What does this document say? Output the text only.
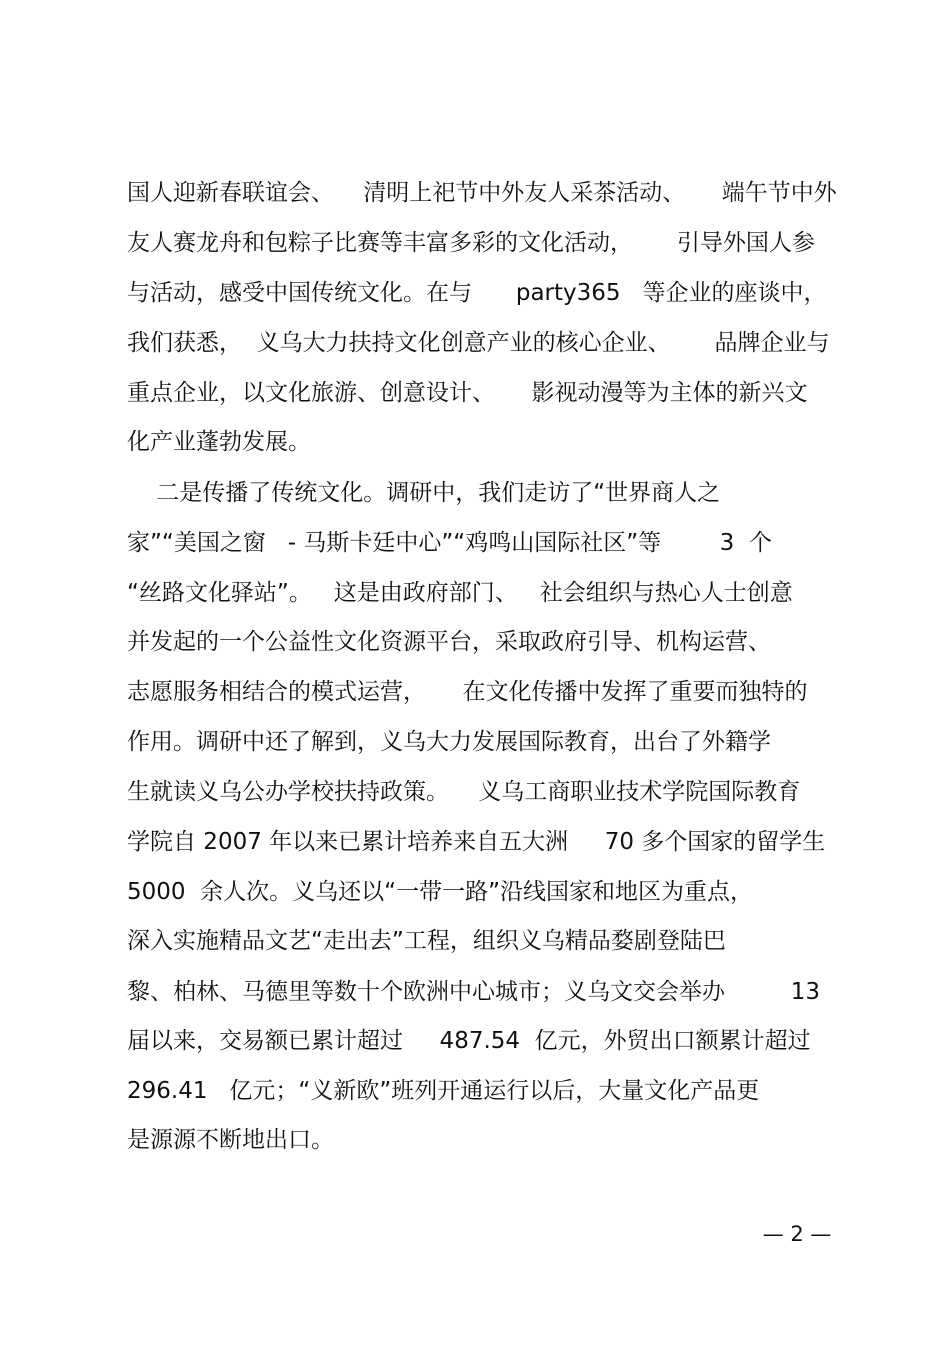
国人迎新春联谊会、    清明上祀节中外友人采茶活动、     端午节中外
友人赛龙舟和包粽子比赛等丰富多彩的文化活动，      引导外国人参
与活动，感受中国传统文化。在与      party365   等企业的座谈中，
我们获悉，  义乌大力扶持文化创意产业的核心企业、      品牌企业与
重点企业，以文化旅游、创意设计、     影视动漫等为主体的新兴文
化产业蓬勃发展。
二是传播了传统文化。调研中，我们走访了“世界商人之
家”“美国之窗   - 马斯卡廷中心”“鸡鸣山国际社区”等        3  个
“丝路文化驿站”。   这是由政府部门、   社会组织与热心人士创意
并发起的一个公益性文化资源平台，采取政府引导、机构运营、
志愿服务相结合的模式运营，     在文化传播中发挥了重要而独特的
作用。调研中还了解到，义乌大力发展国际教育，出台了外籍学
生就读义乌公办学校扶持政策。    义乌工商职业技术学院国际教育
学院自 2007 年以来已累计培养来自五大洲     70 多个国家的留学生
5000  余人次。义乌还以“一带一路”沿线国家和地区为重点，
深入实施精品文艺“走出去”工程，组织义乌精品婺剧登陆巴
黎、柏林、马德里等数十个欧洲中心城市；义乌文交会举办         13
届以来，交易额已累计超过     487.54  亿元，外贸出口额累计超过
296.41   亿元；“义新欧”班列开通运行以后，大量文化产品更
是源源不断地出口。
— 2 —
